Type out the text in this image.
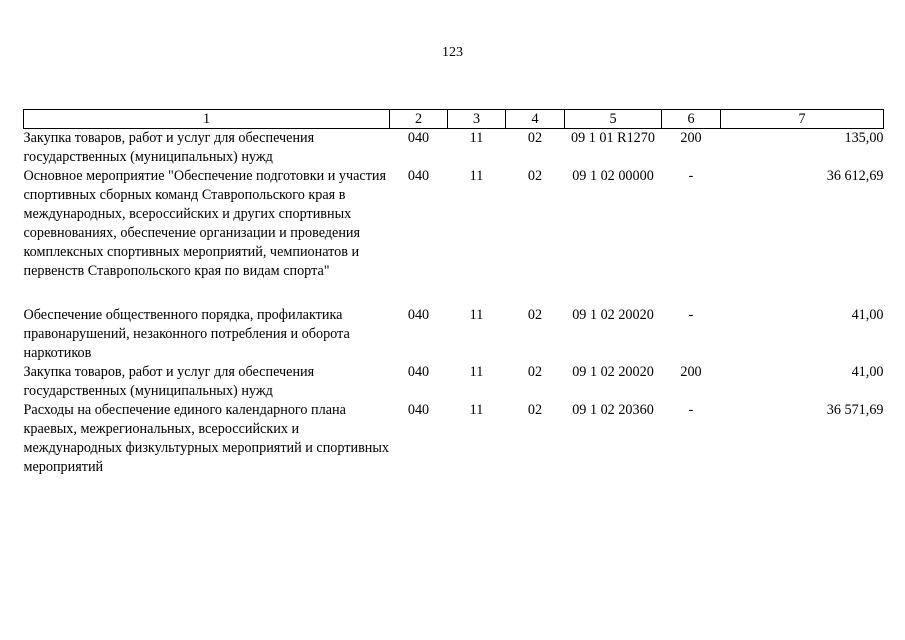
123
1	2	3	4	5	6	7
Закупка товаров, работ и услуг для обеспечения государственных (муниципальных) нужд	040	11	02	09 1 01 R1270	200	135,00
Основное мероприятие "Обеспечение подготовки и участия спортивных сборных команд Ставропольского края в международных, всероссийских и других спортивных соревнованиях, обеспечение организации и проведения комплексных спортивных мероприятий, чемпионатов и первенств Ставропольского края по видам спорта"	040	11	02	09 1 02 00000	-	36 612,69

Обеспечение общественного порядка, профилактика правонарушений, незаконного потребления и оборота наркотиков	040	11	02	09 1 02 20020	-	41,00
Закупка товаров, работ и услуг для обеспечения государственных (муниципальных) нужд	040	11	02	09 1 02 20020	200	41,00
Расходы на обеспечение единого календарного плана краевых, межрегиональных, всероссийских и международных физкультурных мероприятий и спортивных мероприятий	040	11	02	09 1 02 20360	-	36 571,69
